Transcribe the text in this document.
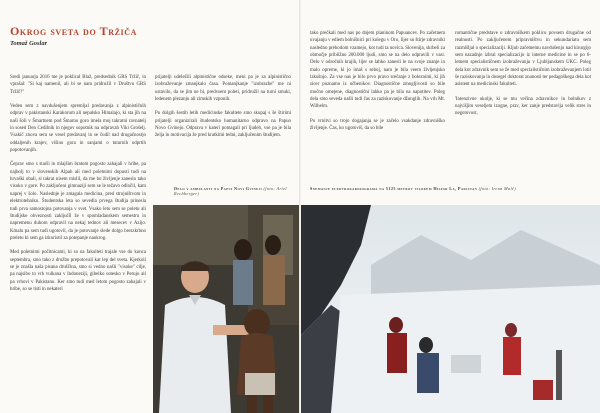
Okrog sveta do Tržiča
Tomaž Goslar

Sredi januarja 2016 me je poklical Blaž, predsednik GRS Tržič, in vprašal: "Si kaj namenil, ali bi se nam pridružil v Društvu GRS Tržič?"

Veden sem z navdušenjem spremljal predavanja z alpinističnih odprav v pakistanski Karakorum ali nepalsko Himalajo, ki sta jih na naši šoli v Šmartnem pod Šmarno goro imela moj takratni ravnatelj in sosed Den Cedilnik in njegov sopotnik na odpravah Viki Grošelj. Vsakič znova sem se vesel predavanj in se čudil nad drugačnostjo oddaljenih krajev, višino gora in sanjami o tuturnih odprtih popotovanjih.

Čeprav smo s starši in mlajšim bratom pogosto zahajali v hribe, pa najbolj to v slovenskih Alpah ali med poletnimi dopusti tudi na hrvaški obali, si takrat nisem mislil, da me bo življenje zaneslo tako visoko v gore. Po zaključeni gimnaziji sem se le težavo odločil, kam naprej v šolo. Naslednje je zmagala medicina, pred strojništvom in elektrotehniko. Študentska leta so sevedla prvega študija prinesla tudi prva samostojna potovanja v svet. Vsako leto sem se poletu ali študijske obveznosti zaključil že v spomladanskem semestru in napremenu duhom odpravil na nekaj tednov ali mesecev v Azijo. Kmalu pa sem tudi ugotovil, da je potovanje slede dolgo brezskrbno preletu ki sem ga izkoristil za potepanje naokrog.

Med poletnimi počitnicami, ki so na fakulteti trajale vse do konca septembra, smo tako z družbo prepotovali kar lep del sveta. Kjerkoli se je znašla naša pisana druščina, smo si vedno našli "visoke" cilje, pa najsibo to vrh vulkana v Indoneziji, gibelko sotesko v Peruju ali pa vrhovi v Pakistanu. Ker smo tudi med letom pogosto zahajali v hribe, so se tisti in nekateri

prijatelji udeležili alpinistične odseke, meni pa je za alpinistično izobraževanje zmanjkalo časa. Pomanjkanje "izobrazbe" me ni ustavilo, da se jim ne bi, predvsem poleti, pridružil na turni smuki, ledenem plezanju ali zimskih vzponih.

Po dolgih šestih letih medicinske fakultete smo skupaj s še štirimi prijatelji organizirali študentsko humanitarno odpravo na Papuo Novo Gvinejo. Odprava v kateri pomagali pri ljudeh, vse pa je bila želja in motivacija že pred kratkimi tedni, zaključenim študijem.

Delo v ambulanti na Papui Novi Gvineji (foto: Ariel Rechberger)

tako prečkali med nas po dnjem planinom Papuancev. Po začetnem uvajanju v ediem bolnišnici pri kolegu v Oro, lijer so štirje zdravniki nasledno prehodom vzamejo, kot tudi ta novica. Slovenija, skrbeli za območje približno 200.000 ljudi, smo se na delo odpravili v vasi. Delo v odročnih krajih, lijer se lahko zanesli le na svoje znanje in malo opreme, ki jo imaš s seboj, nam je bila veem življenjsko izkušnjo. Za vse nas je bilo prvo pravo srečanje z boleznimi, ki jih sicer poznamo iz učbenikov. Diagnostične zmogljivosti so bile močno omejene, diagnostični lahko pa je bila na napotitev. Poleg dela smo seveda našli tudi čas za raziskovanje džunglih. Na vrh Mt. Wilhelm.

Po vrnitvi so trojo dogajanja se je začelo vsakdanje zdravniško življenje. Čas, ko ugotoviš, da so bile

romantične predstave o zdravniškem poklicu povsem drugačne od realnosti. Po zaključenem pripravništvu in sekundariatu sem razmišljal o specializaciji. Kljub začetnemu navdušenju nad kirurgijo sem nazadnje izbral specializacijo iz interne medicine in se po 6-letnem specialističnem izobraževanju v Ljubljanskem UKC. Poleg dela kot zdravnik sem se že med specialističnim izobraževanjem lotil še raziskovanja in dosegel doktorat znanosti ter pedagoškega dela kot asistent na medicinski fakulteti.

'Intenzivne okolje, ki se mu večina zdravnikov in bolnikov z najvišjim veseljem izogne, prav, ker zanje predstavlja velik stres in negotovost,

Snemanje elektrokardiograma na 5125 metrov visokem Hispar La, Pakistan (foto: Irena Malč)
